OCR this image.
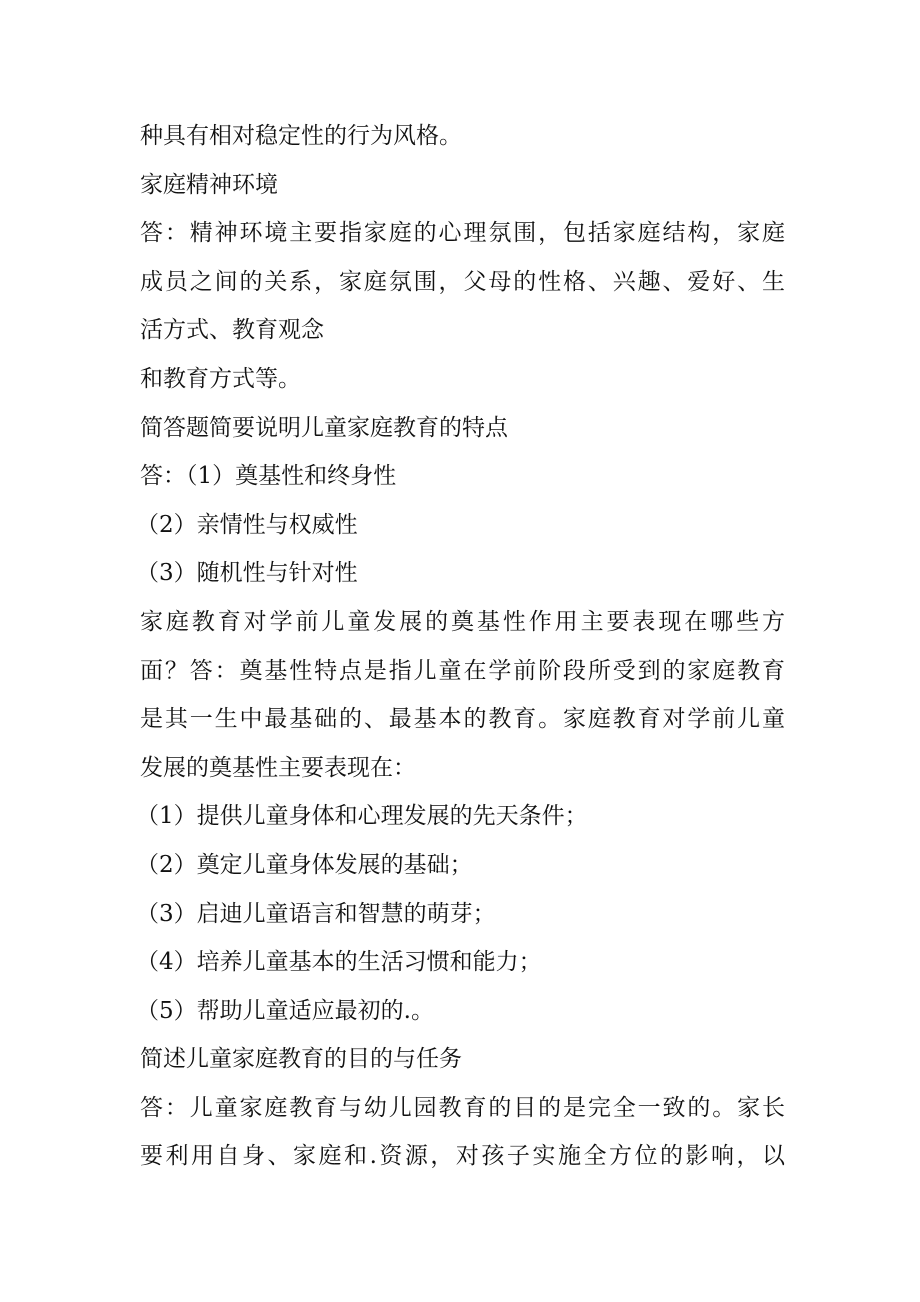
种具有相对稳定性的行为风格。
家庭精神环境
答：精神环境主要指家庭的心理氛围，包括家庭结构，家庭
成员之间的关系，家庭氛围，父母的性格、兴趣、爱好、生
活方式、教育观念
和教育方式等。
简答题简要说明儿童家庭教育的特点
答：（1）奠基性和终身性
（2）亲情性与权威性
（3）随机性与针对性
家庭教育对学前儿童发展的奠基性作用主要表现在哪些方
面？答：奠基性特点是指儿童在学前阶段所受到的家庭教育
是其一生中最基础的、最基本的教育。家庭教育对学前儿童
发展的奠基性主要表现在：
（1）提供儿童身体和心理发展的先天条件；
（2）奠定儿童身体发展的基础；
（3）启迪儿童语言和智慧的萌芽；
（4）培养儿童基本的生活习惯和能力；
（5）帮助儿童适应最初的.。
简述儿童家庭教育的目的与任务
答：儿童家庭教育与幼儿园教育的目的是完全一致的。家长
要利用自身、家庭和.资源，对孩子实施全方位的影响，以
